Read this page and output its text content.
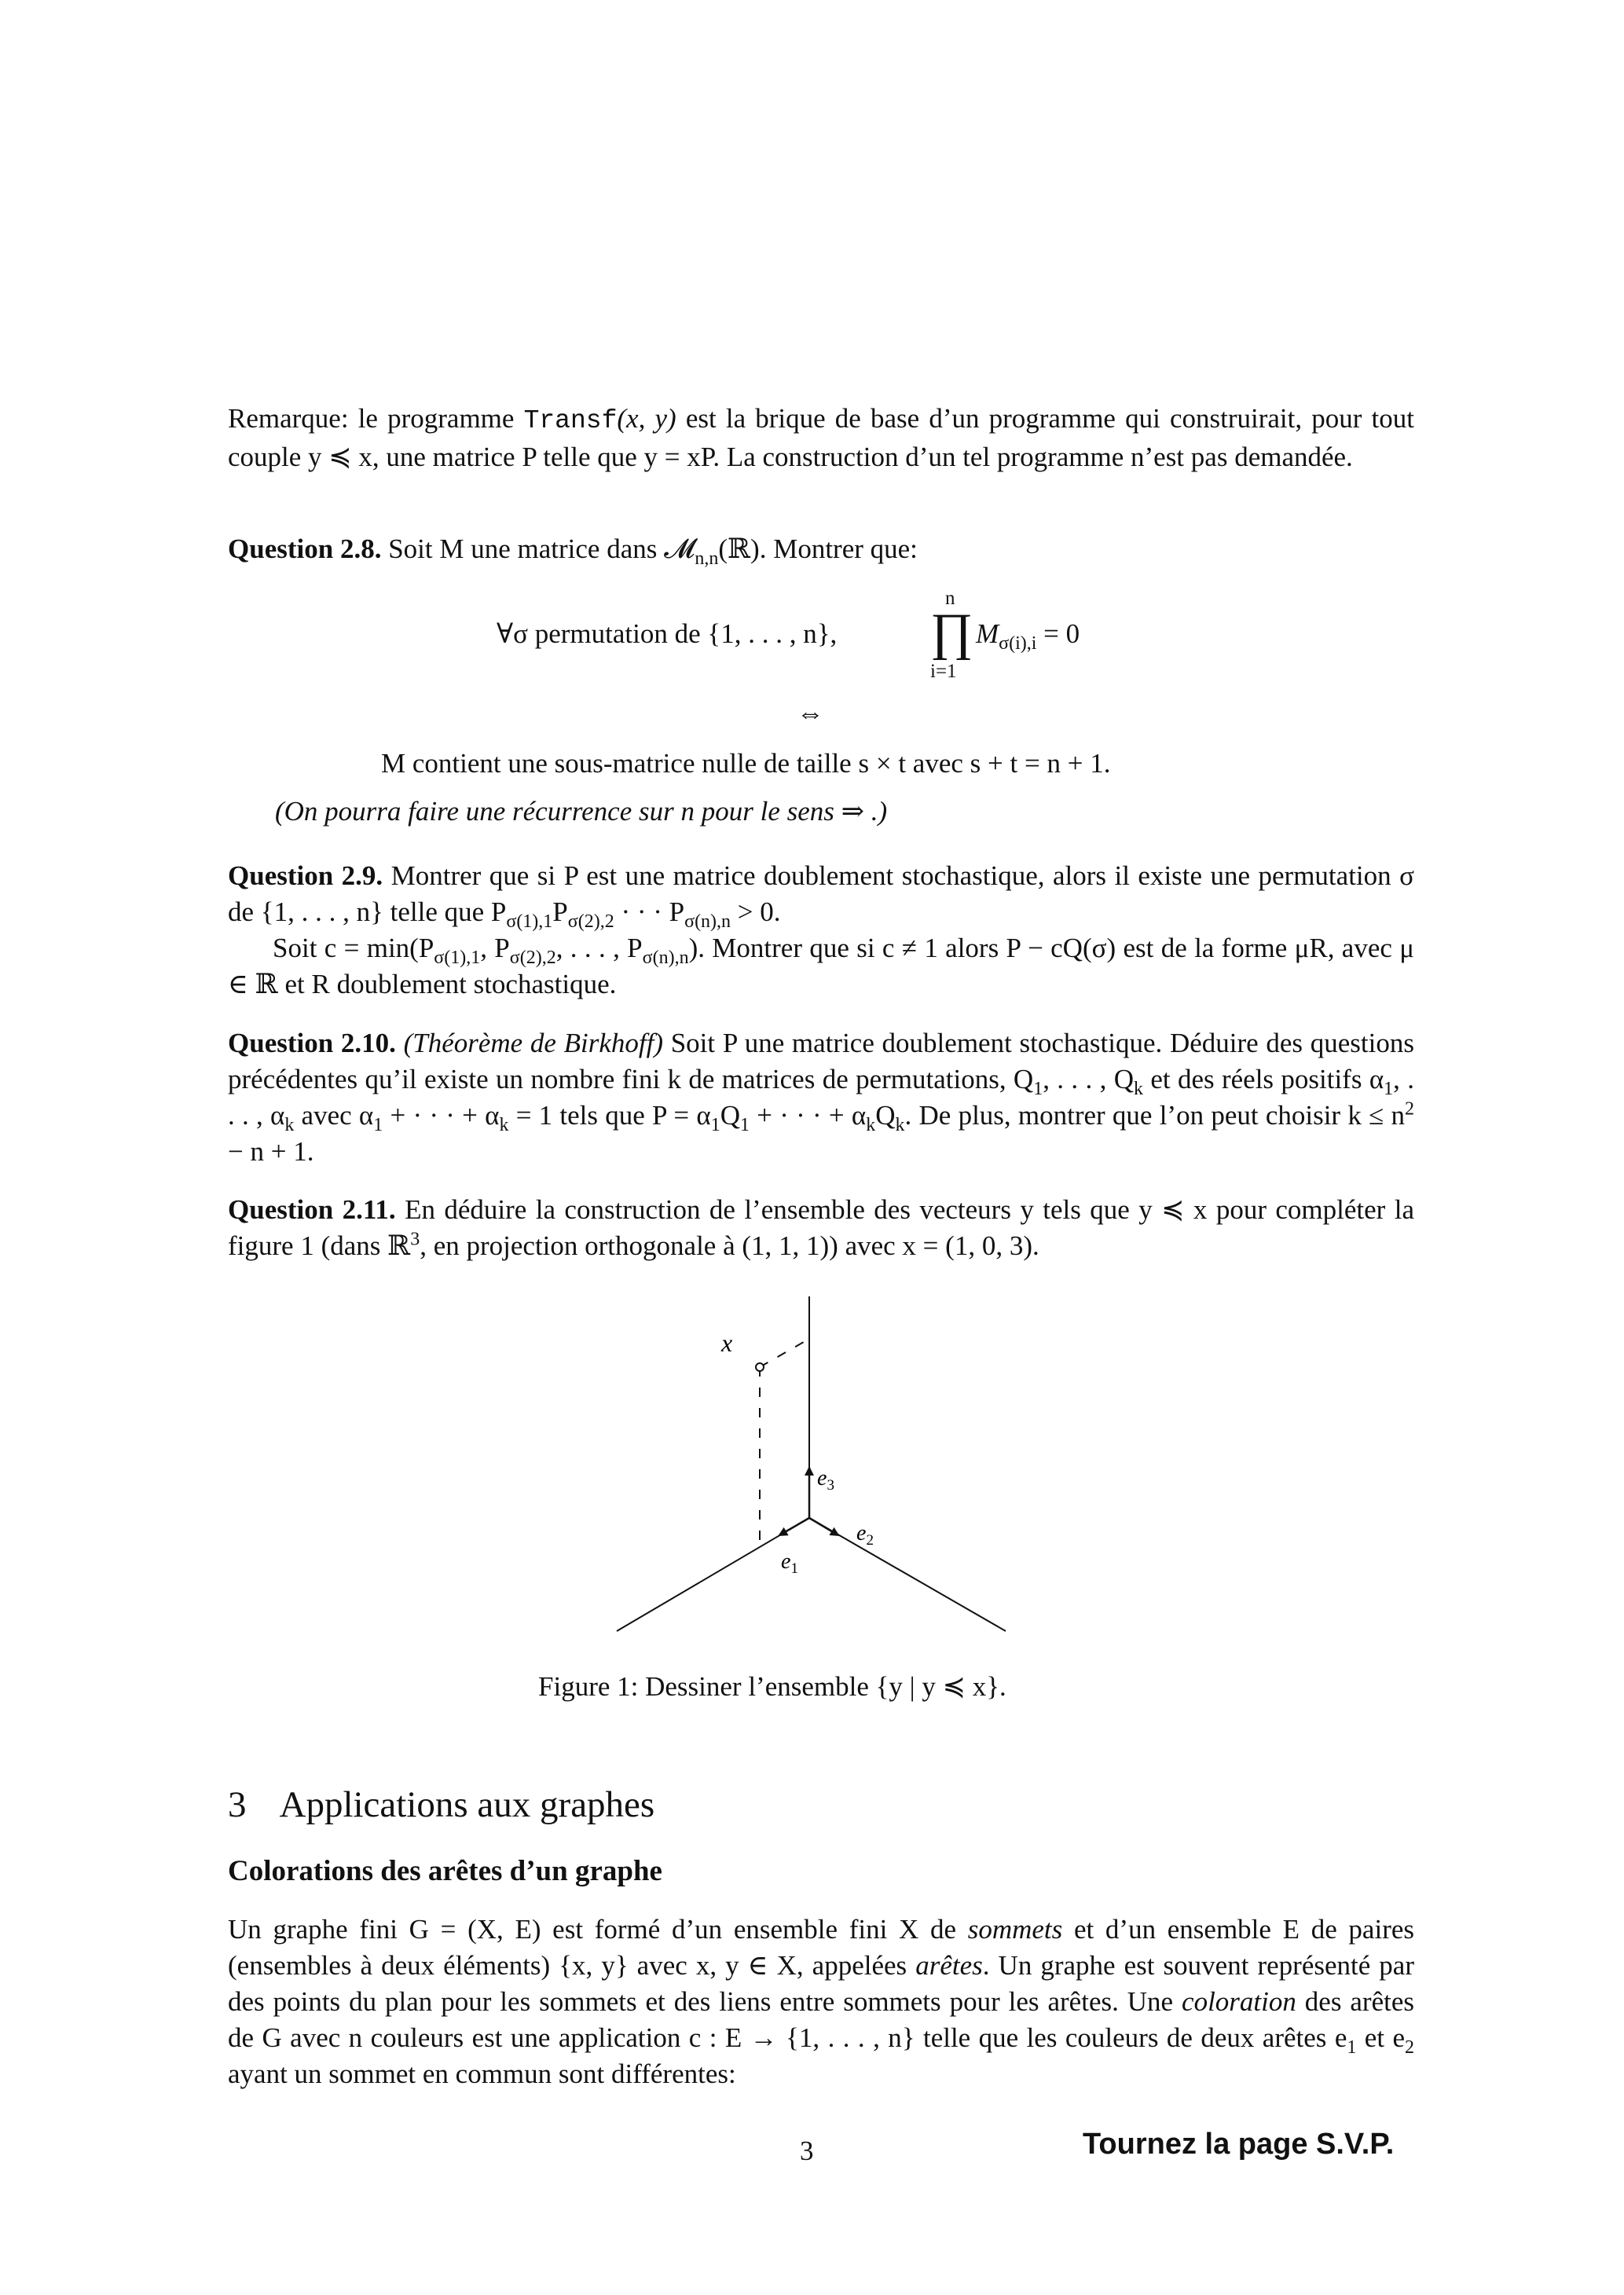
Remarque: le programme Transf(x, y) est la brique de base d’un programme qui construirait, pour tout couple y ≼ x, une matrice P telle que y = xP. La construction d’un tel programme n’est pas demandée.

Question 2.8. Soit M une matrice dans 𝓜$_{n,n}$(ℝ). Montrer que:

∀σ permutation de {1, . . . , n},
n
∏
i=1
$M_{\sigma(i),i} = 0$
⇔
M contient une sous-matrice nulle de taille s × t avec s + t = n + 1.
(On pourra faire une récurrence sur n pour le sens ⇒ .)

Question 2.9. Montrer que si P est une matrice doublement stochastique, alors il existe une permutation σ de {1, . . . , n} telle que $P_{\sigma(1),1}P_{\sigma(2),2}$ · · · $P_{\sigma(n),n} > 0$.

Soit $c = \min(P_{\sigma(1),1}$, $P_{\sigma(2),2}$, . . . , $P_{\sigma(n),n}$). Montrer que si c ≠ 1 alors P − cQ(σ) est de la forme μR, avec μ ∈ ℝ et R doublement stochastique.

Question 2.10. (Théorème de Birkhoff) Soit P une matrice doublement stochastique. Déduire des questions précédentes qu’il existe un nombre fini k de matrices de permutations, $Q_1$, . . . , $Q_k$ et des réels positifs $\alpha_1$, . . . , $\alpha_k$ avec $\alpha_1$ + · · · + $\alpha_k = 1$ tels que $P = \alpha_1Q_1$ + · · · + $\alpha_kQ_k$. De plus, montrer que l’on peut choisir $k \le n^2 - n + 1$.

Question 2.11. En déduire la construction de l’ensemble des vecteurs y tels que y ≼ x pour compléter la figure 1 (dans ℝ$^3$, en projection orthogonale à (1, 1, 1)) avec x = (1, 0, 3).

x
$e_3$
$e_1$
$e_2$
Figure 1: Dessiner l’ensemble {y | y ≼ x}.
3 Applications aux graphes
Colorations des arêtes d’un graphe

Un graphe fini G = (X, E) est formé d’un ensemble fini X de sommets et d’un ensemble E de paires (ensembles à deux éléments) {x, y} avec x, y ∈ X, appelées arêtes. Un graphe est souvent représenté par des points du plan pour les sommets et des liens entre sommets pour les arêtes. Une coloration des arêtes de G avec n couleurs est une application c : E → {1, . . . , n} telle que les couleurs de deux arêtes $e_1$ et $e_2$ ayant un sommet en commun sont différentes:

3	Tournez la page S.V.P.
